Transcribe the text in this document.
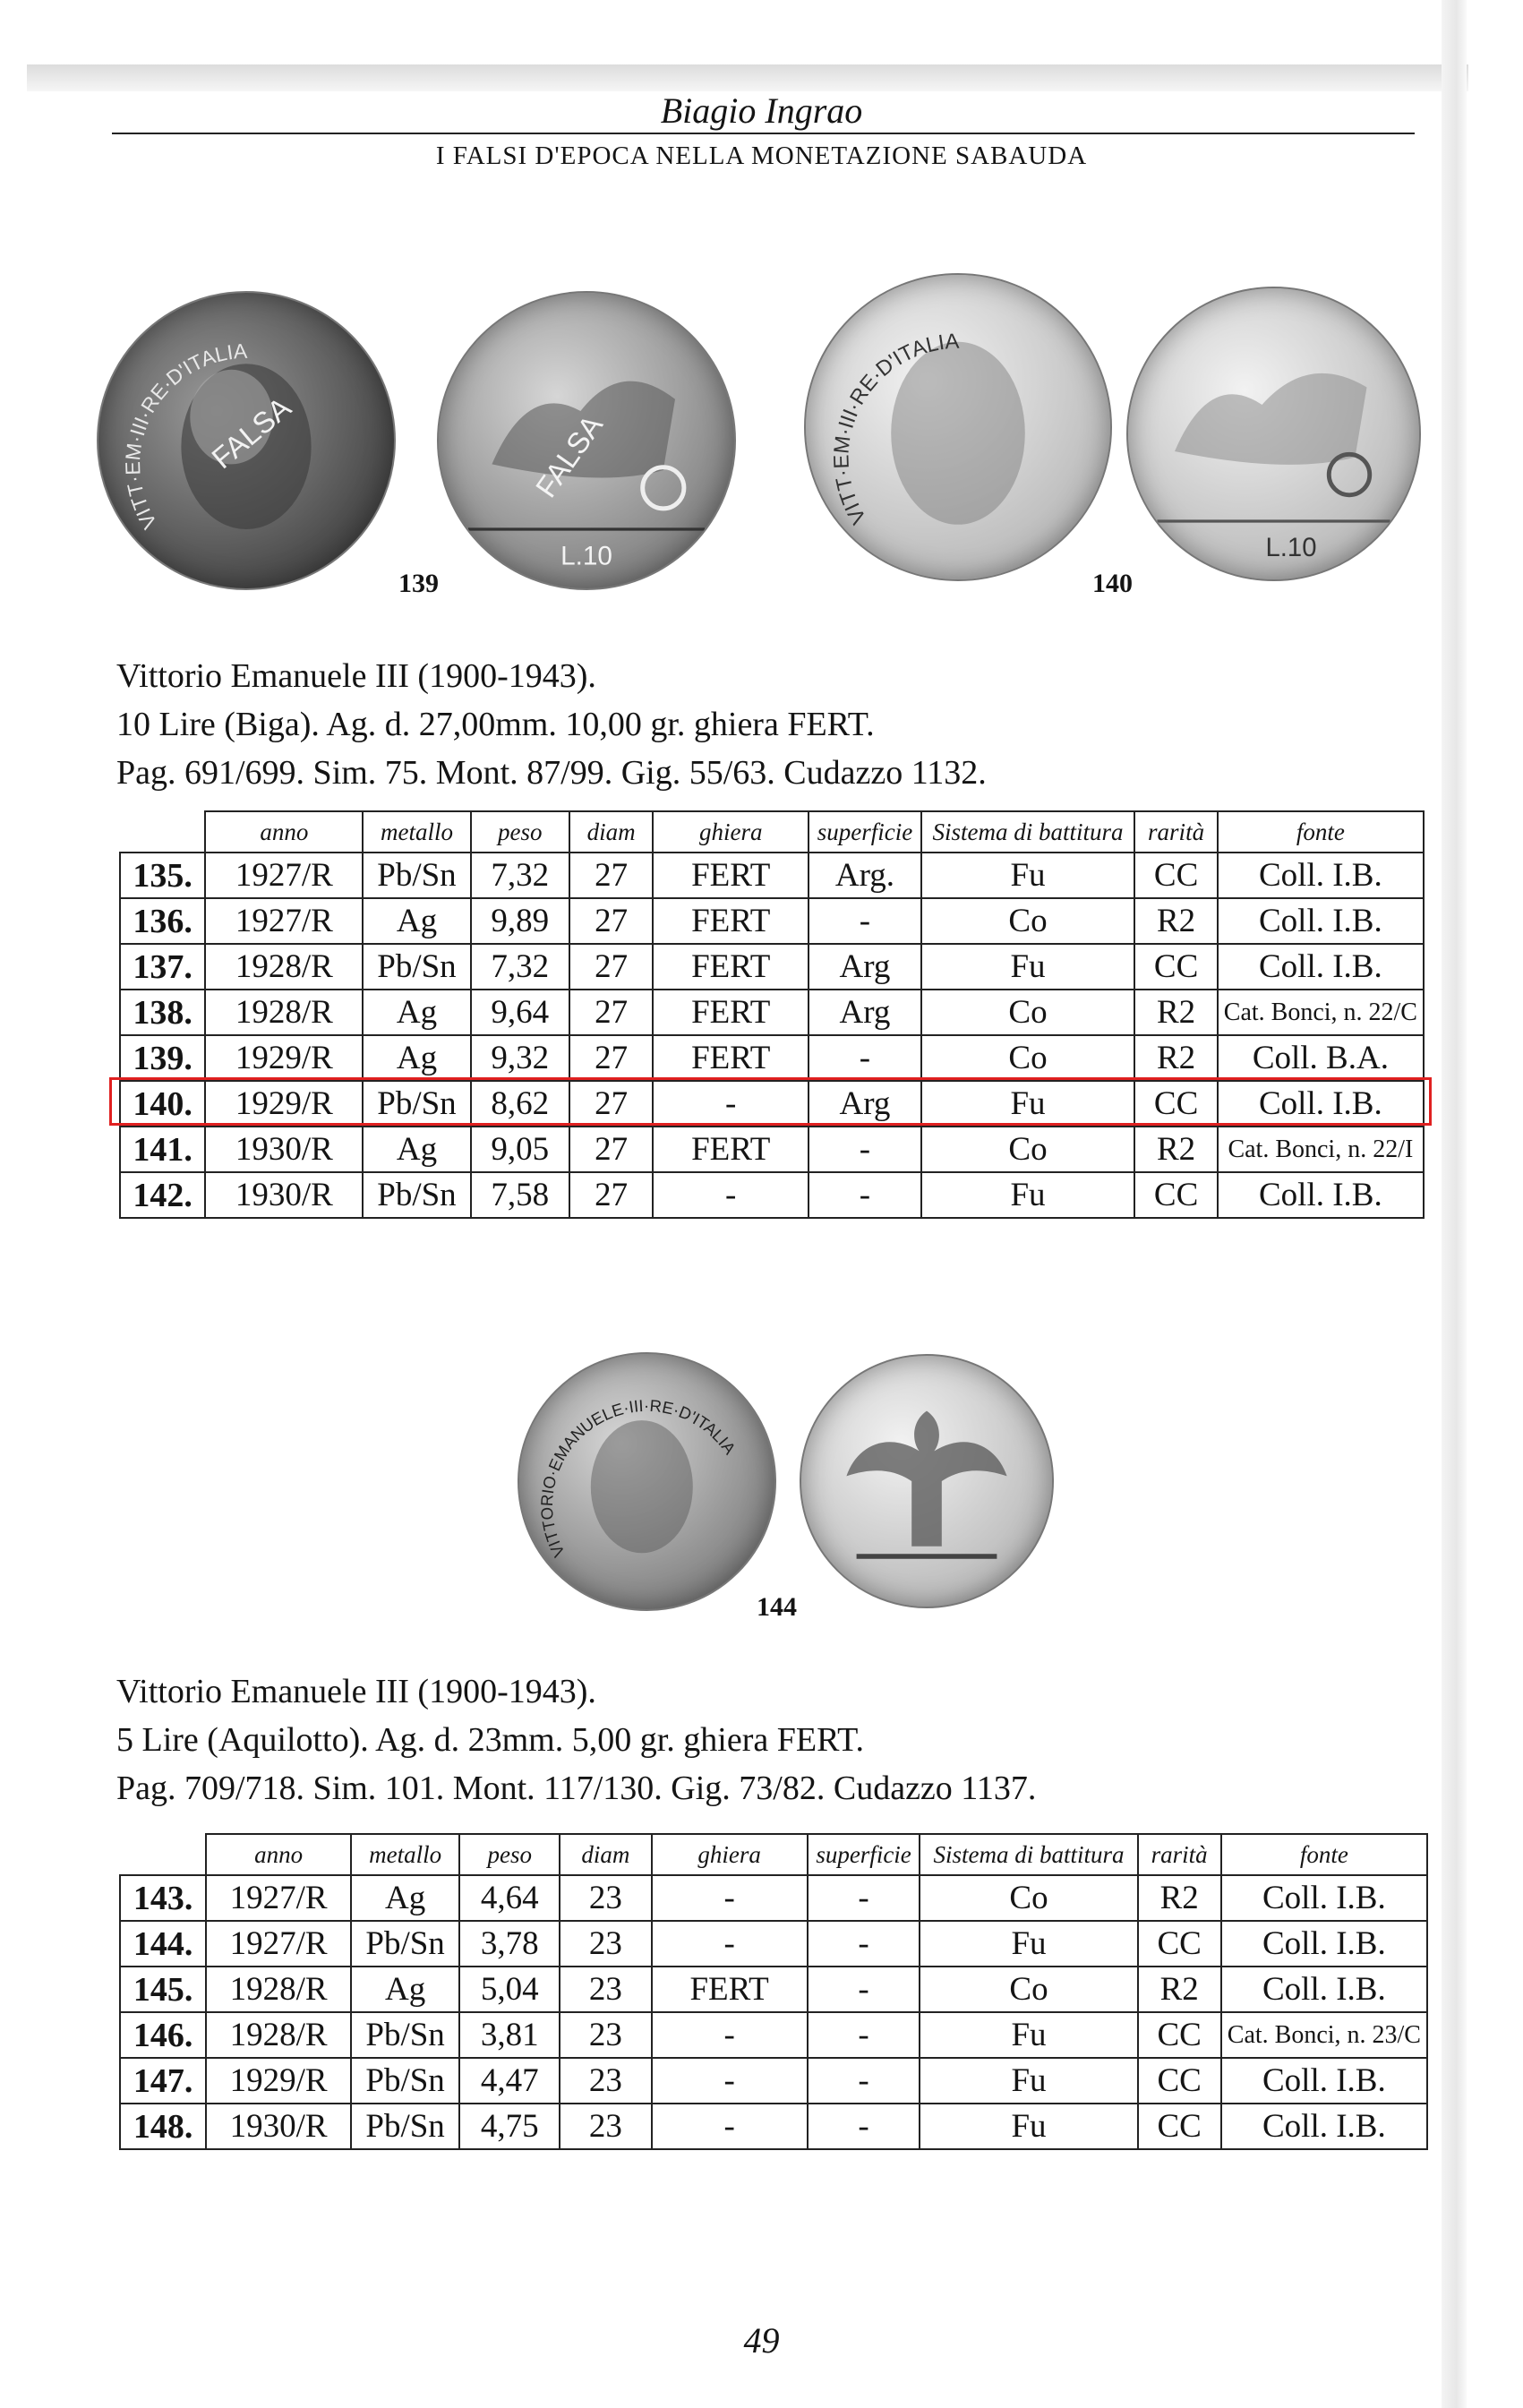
Biagio Ingrao
I FALSI D'EPOCA NELLA MONETAZIONE SABAUDA
VITT·EM·III·RE·D'ITALIA
FALSA	FALSA
L.10
VITT·EM·III·RE·D'ITALIA
L.10
139	140
Vittorio Emanuele III (1900-1943).
10 Lire (Biga). Ag. d. 27,00mm. 10,00 gr. ghiera FERT.
Pag. 691/699. Sim. 75. Mont. 87/99. Gig. 55/63. Cudazzo 1132.
	anno	metallo	peso	diam	ghiera	superficie	Sistema di battitura	rarità	fonte
135.	1927/R	Pb/Sn	7,32	27	FERT	Arg.	Fu	CC	Coll. I.B.
136.	1927/R	Ag	9,89	27	FERT	-	Co	R2	Coll. I.B.
137.	1928/R	Pb/Sn	7,32	27	FERT	Arg	Fu	CC	Coll. I.B.
138.	1928/R	Ag	9,64	27	FERT	Arg	Co	R2	Cat. Bonci, n. 22/C
139.	1929/R	Ag	9,32	27	FERT	-	Co	R2	Coll. B.A.
140.	1929/R	Pb/Sn	8,62	27	-	Arg	Fu	CC	Coll. I.B.
141.	1930/R	Ag	9,05	27	FERT	-	Co	R2	Cat. Bonci, n. 22/I
142.	1930/R	Pb/Sn	7,58	27	-	-	Fu	CC	Coll. I.B.
VITTORIO·EMANUELE·III·RE·D'ITALIA
144
Vittorio Emanuele III (1900-1943).
5 Lire (Aquilotto). Ag. d. 23mm. 5,00 gr. ghiera FERT.
Pag. 709/718. Sim. 101. Mont. 117/130. Gig. 73/82. Cudazzo 1137.
	anno	metallo	peso	diam	ghiera	superficie	Sistema di battitura	rarità	fonte
143.	1927/R	Ag	4,64	23	-	-	Co	R2	Coll. I.B.
144.	1927/R	Pb/Sn	3,78	23	-	-	Fu	CC	Coll. I.B.
145.	1928/R	Ag	5,04	23	FERT	-	Co	R2	Coll. I.B.
146.	1928/R	Pb/Sn	3,81	23	-	-	Fu	CC	Cat. Bonci, n. 23/C
147.	1929/R	Pb/Sn	4,47	23	-	-	Fu	CC	Coll. I.B.
148.	1930/R	Pb/Sn	4,75	23	-	-	Fu	CC	Coll. I.B.
49
